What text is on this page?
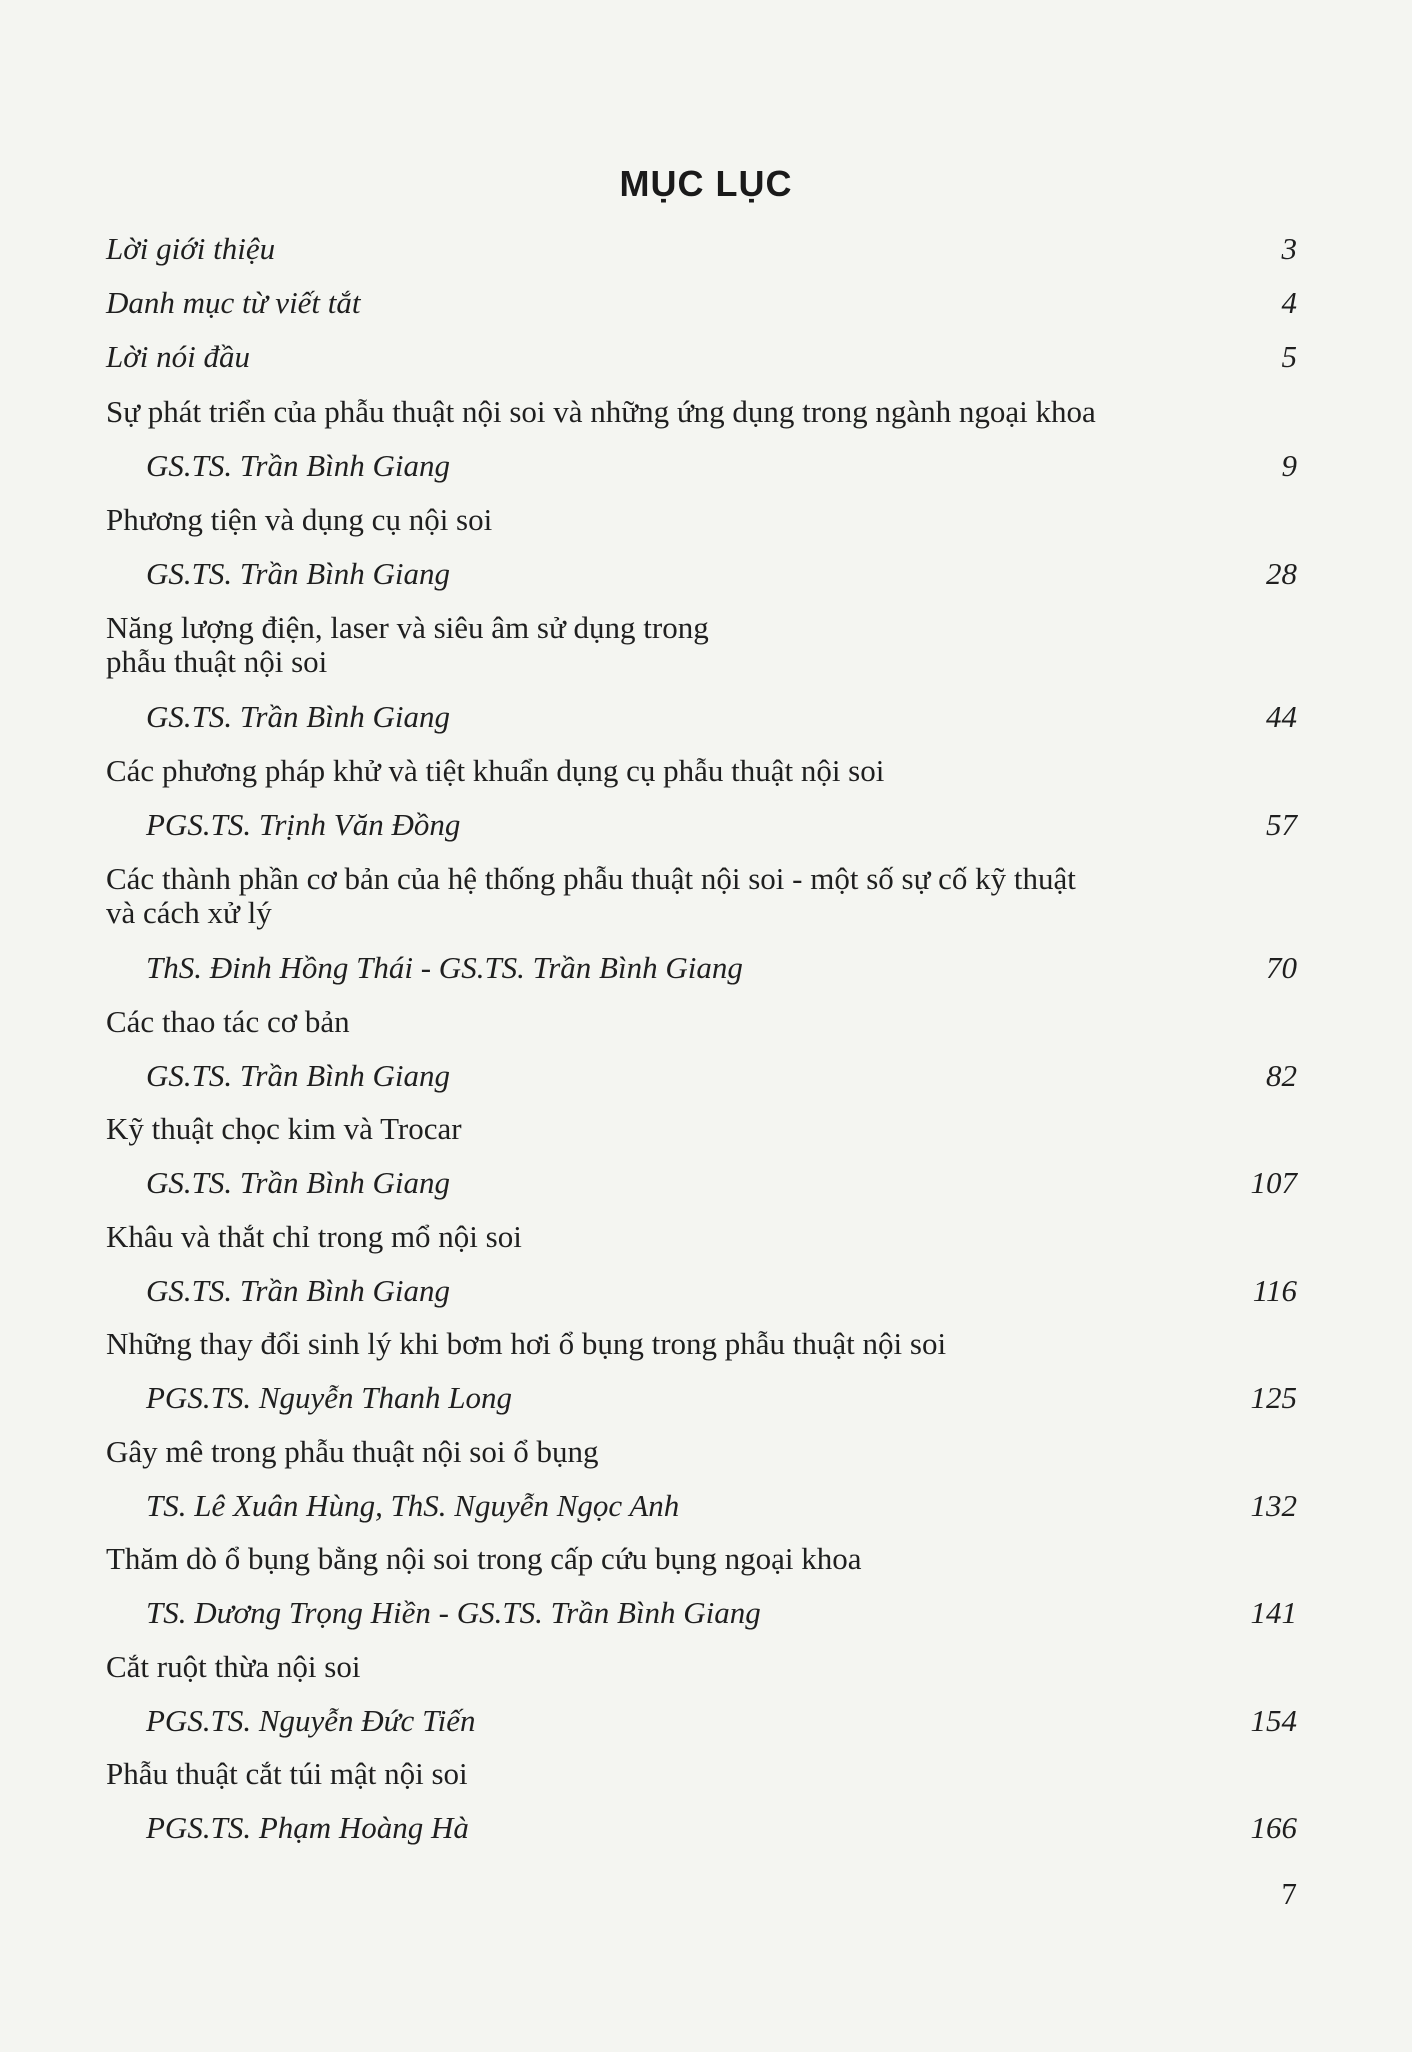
MỤC LỤC
Lời giới thiệu	3
Danh mục từ viết tắt	4
Lời nói đầu	5
Sự phát triển của phẫu thuật nội soi và những ứng dụng trong ngành ngoại khoa
GS.TS. Trần Bình Giang	9
Phương tiện và dụng cụ nội soi
GS.TS. Trần Bình Giang	28
Năng lượng điện, laser và siêu âm sử dụng trong
phẫu thuật nội soi
GS.TS. Trần Bình Giang	44
Các phương pháp khử và tiệt khuẩn dụng cụ phẫu thuật nội soi
PGS.TS. Trịnh Văn Đồng	57
Các thành phần cơ bản của hệ thống phẫu thuật nội soi - một số sự cố kỹ thuật
và cách xử lý
ThS. Đinh Hồng Thái - GS.TS. Trần Bình Giang	70
Các thao tác cơ bản
GS.TS. Trần Bình Giang	82
Kỹ thuật chọc kim và Trocar
GS.TS. Trần Bình Giang	107
Khâu và thắt chỉ trong mổ nội soi
GS.TS. Trần Bình Giang	116
Những thay đổi sinh lý khi bơm hơi ổ bụng trong phẫu thuật nội soi
PGS.TS. Nguyễn Thanh Long	125
Gây mê trong phẫu thuật nội soi ổ bụng
TS. Lê Xuân Hùng, ThS. Nguyễn Ngọc Anh	132
Thăm dò ổ bụng bằng nội soi trong cấp cứu bụng ngoại khoa
TS. Dương Trọng Hiền - GS.TS. Trần Bình Giang	141
Cắt ruột thừa nội soi
PGS.TS. Nguyễn Đức Tiến	154
Phẫu thuật cắt túi mật nội soi
PGS.TS. Phạm Hoàng Hà	166
7
